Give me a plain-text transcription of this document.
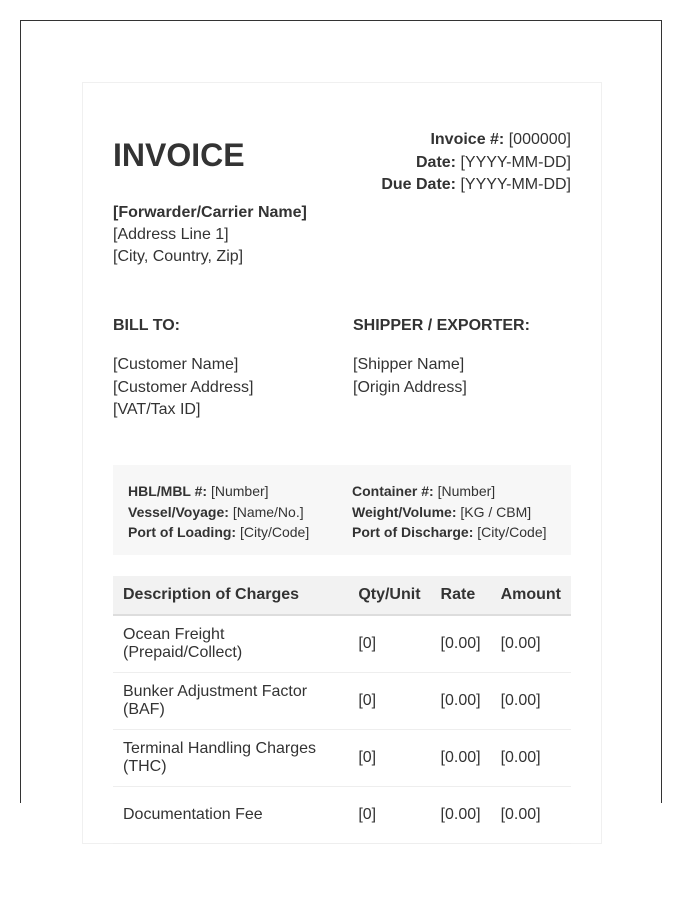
INVOICE	Invoice #: [000000]
Date: [YYYY-MM-DD]
Due Date: [YYYY-MM-DD]
[Forwarder/Carrier Name]
[Address Line 1]
[City, Country, Zip]
BILL TO:
[Customer Name]
[Customer Address]
[VAT/Tax ID]
SHIPPER / EXPORTER:
[Shipper Name]
[Origin Address]
HBL/MBL #: [Number]
Vessel/Voyage: [Name/No.]
Port of Loading: [City/Code]
Container #: [Number]
Weight/Volume: [KG / CBM]
Port of Discharge: [City/Code]
Description of Charges	Qty/Unit	Rate	Amount

Ocean Freight
(Prepaid/Collect)	[0]	[0.00]	[0.00]

Bunker Adjustment Factor
(BAF)	[0]	[0.00]	[0.00]

Terminal Handling Charges
(THC)	[0]	[0.00]	[0.00]

Documentation Fee	[0]	[0.00]	[0.00]
